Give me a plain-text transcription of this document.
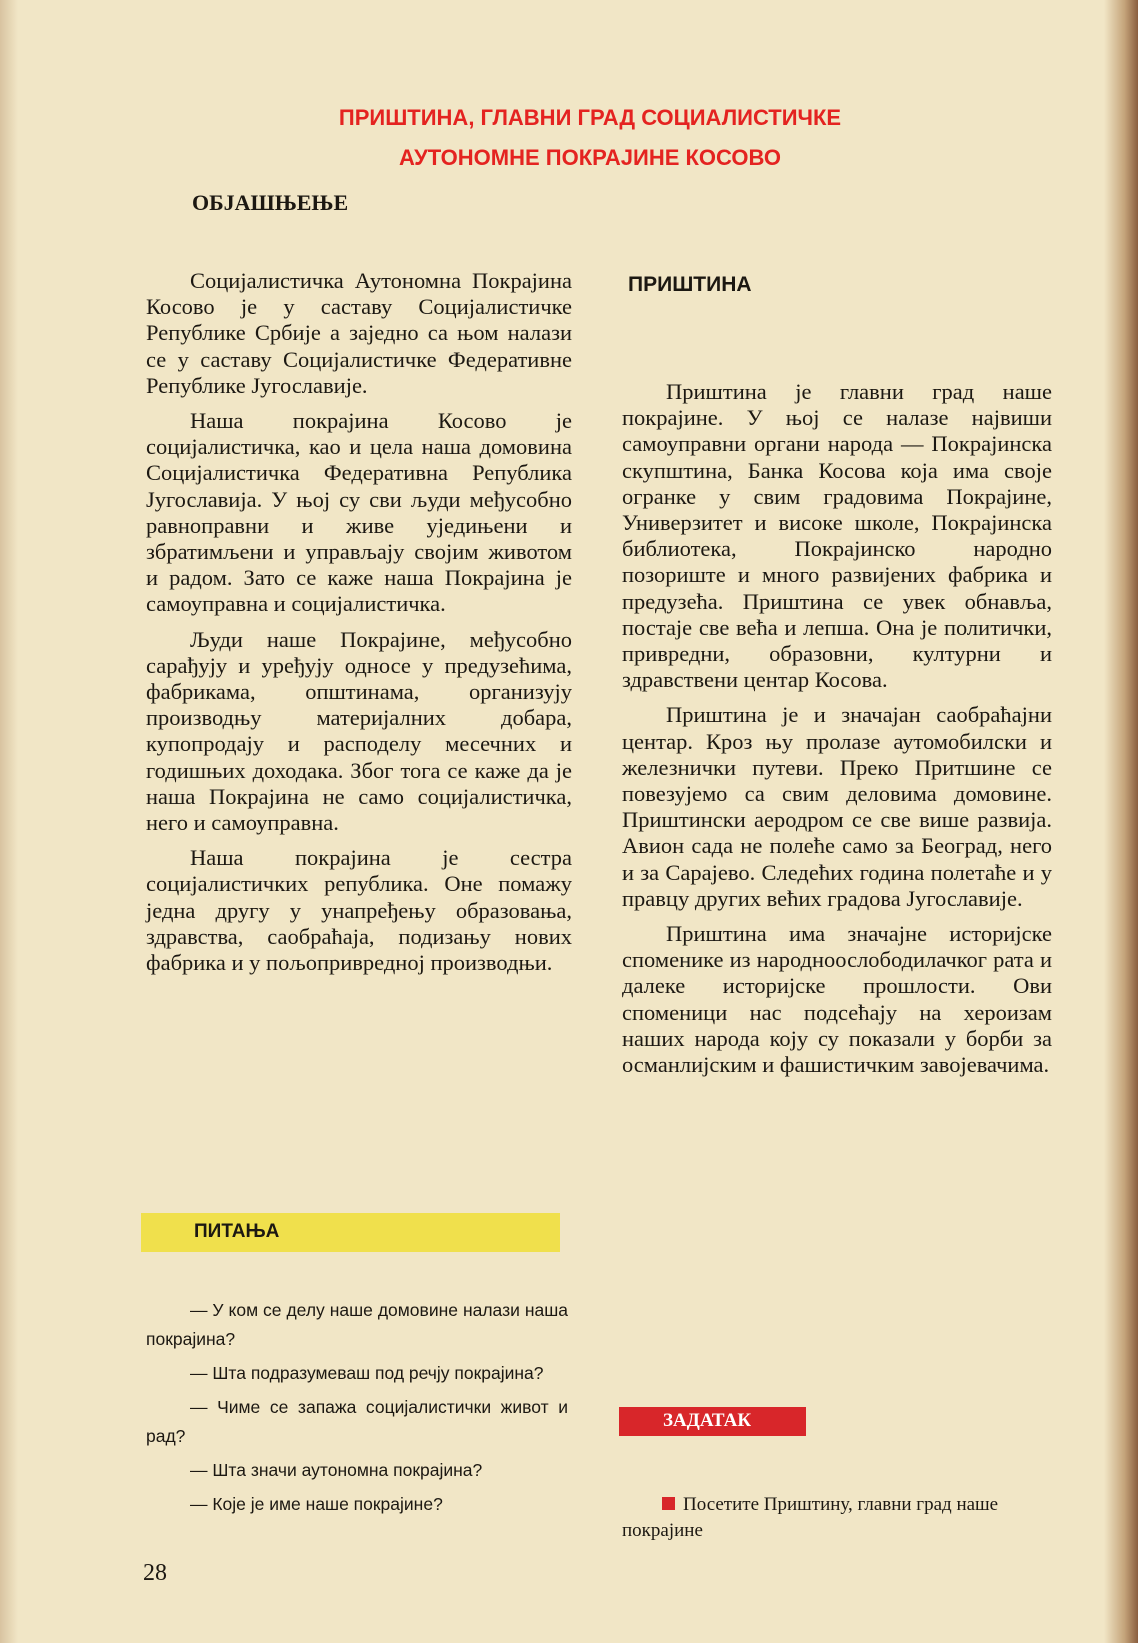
ПРИШТИНА, ГЛАВНИ ГРАД СОЦИАЛИСТИЧКЕ
АУТОНОМНЕ ПОКРАЈИНЕ КОСОВО
ОБЈАШЊЕЊЕ

Социјалистичка Аутономна Покрајина Косово је у саставу Социјалистичке Републике Србије а заједно са њом налази се у саставу Социјалистичке Федеративне Републике Југославије.

Наша покрајина Косово је социјалистичка, као и цела наша домовина Социјалистичка Федеративна Република Југославија. У њој су сви људи међусобно равноправни и живе уједињени и збратимљени и управљају својим животом и радом. Зато се каже наша Покрајина је самоуправна и социјалистичка.

Људи наше Покрајине, међусобно сарађују и уређују односе у предузећима, фабрикама, општинама, организују производњу материјалних добара, купопродају и расподелу месечних и годишњих доходака. Због тога се каже да је наша Покрајина не само социјалистичка, него и самоуправна.

Наша покрајина је сестра социјалистичких република. Оне помажу једна другу у унапређењу образовања, здравства, саобраћаја, подизању нових фабрика и у пољопривредној производњи.

ПРИШТИНА

Приштина је главни град наше покрајине. У њој се налазе највиши самоуправни органи народа — Покрајинска скупштина, Банка Косова која има своје огранке у свим градовима Покрајине, Универзитет и високе школе, Покрајинска библиотека, Покрајинско народно позориште и много развијених фабрика и предузећа. Приштина се увек обнавља, постаје све већа и лепша. Она је политички, привредни, образовни, културни и здравствени центар Косова.

Приштина је и значајан саобраћајни центар. Кроз њу пролазе аутомобилски и железнички путеви. Преко Притшине се повезујемо са свим деловима домовине. Приштински аеродром се све више развија. Авион сада не полеће само за Београд, него и за Сарајево. Следећих година полетаће и у правцу других већих градова Југославије.

Приштина има значајне историјске споменике из народноослободилачког рата и далеке историјске прошлости. Ови споменици нас подсећају на хероизам наших народа коју су показали у борби за османлијским и фашистичким завојевачима.

ПИТАЊА
— У ком се делу наше домовине налази наша покрајина?
— Шта подразумеваш под речју покрајина?
— Чиме се запажа социјалистички живот и рад?
— Шта значи аутономна покрајина?
— Које је име наше покрајине?
ЗАДАТАК
Посетите Приштину, главни град наше покрајине
28
